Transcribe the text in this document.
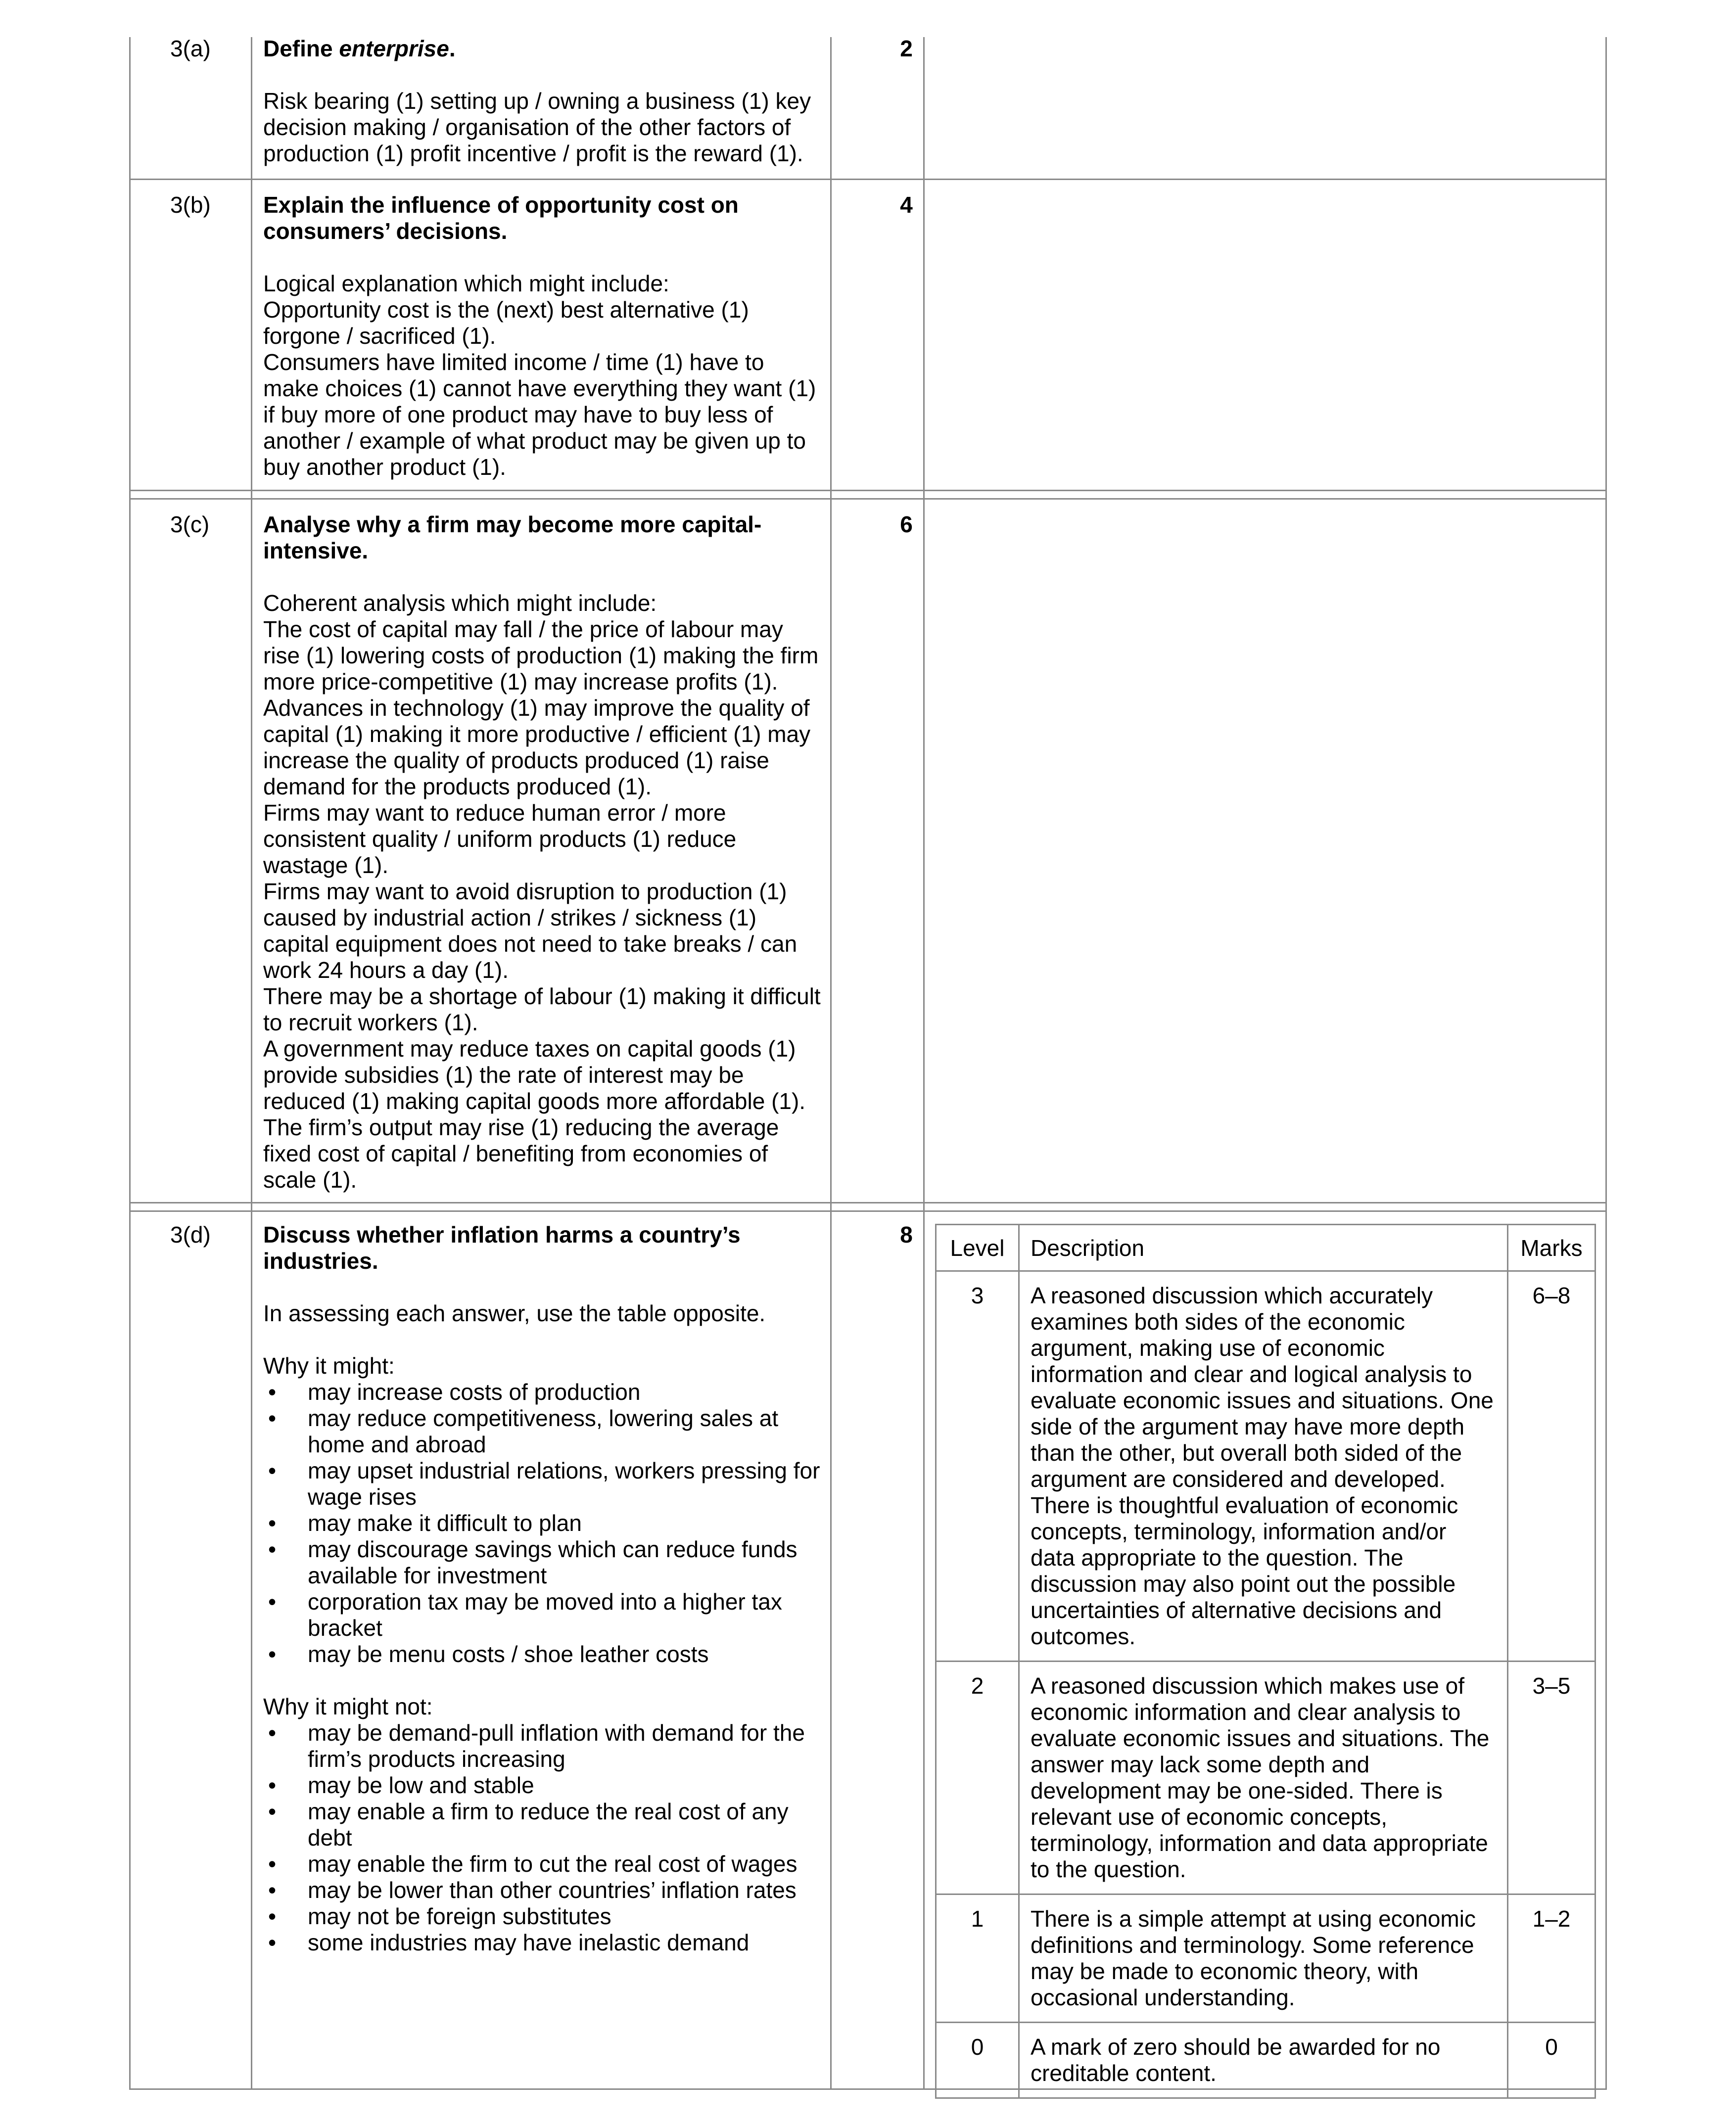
3(a)	2

Define enterprise.

Risk bearing (1) setting up / owning a business (1) key decision making / organisation of the other factors of production (1) profit incentive / profit is the reward (1).

3(b)	4

Explain the influence of opportunity cost on consumers’ decisions.

Logical explanation which might include:

Opportunity cost is the (next) best alternative (1) forgone / sacrificed (1).

Consumers have limited income / time (1) have to make choices (1) cannot have everything they want (1) if buy more of one product may have to buy less of another / example of what product may be given up to buy another product (1).

3(c)	6

Analyse why a firm may become more capital-intensive.

Coherent analysis which might include:

The cost of capital may fall / the price of labour may rise (1) lowering costs of production (1) making the firm more price-competitive (1) may increase profits (1).

Advances in technology (1) may improve the quality of capital (1) making it more productive / efficient (1) may increase the quality of products produced (1) raise demand for the products produced (1).

Firms may want to reduce human error / more consistent quality / uniform products (1) reduce wastage (1).

Firms may want to avoid disruption to production (1) caused by industrial action / strikes / sickness (1) capital equipment does not need to take breaks / can work 24 hours a day (1).

There may be a shortage of labour (1) making it difficult to recruit workers (1).

A government may reduce taxes on capital goods (1) provide subsidies (1) the rate of interest may be reduced (1) making capital goods more affordable (1).

The firm’s output may rise (1) reducing the average fixed cost of capital / benefiting from economies of scale (1).

3(d)	8

Discuss whether inflation harms a country’s industries.

In assessing each answer, use the table opposite.

Why it might:

•	may increase costs of production
•	may reduce competitiveness, lowering sales at home and abroad
•	may upset industrial relations, workers pressing for wage rises
•	may make it difficult to plan
•	may discourage savings which can reduce funds available for investment
•	corporation tax may be moved into a higher tax bracket
•	may be menu costs / shoe leather costs

Why it might not:

•	may be demand-pull inflation with demand for the firm’s products increasing
•	may be low and stable
•	may enable a firm to reduce the real cost of any debt
•	may enable the firm to cut the real cost of wages
•	may be lower than other countries’ inflation rates
•	may not be foreign substitutes
•	some industries may have inelastic demand
Level	Description	Marks
3	A reasoned discussion which accurately examines both sides of the economic argument, making use of economic information and clear and logical analysis to evaluate economic issues and situations. One side of the argument may have more depth than the other, but overall both sided of the argument are considered and developed. There is thoughtful evaluation of economic concepts, terminology, information and/or data appropriate to the question. The discussion may also point out the possible uncertainties of alternative decisions and outcomes.	6–8
2	A reasoned discussion which makes use of economic information and clear analysis to evaluate economic issues and situations. The answer may lack some depth and development may be one-sided. There is relevant use of economic concepts, terminology, information and data appropriate to the question.	3–5
1	There is a simple attempt at using economic definitions and terminology. Some reference may be made to economic theory, with occasional understanding.	1–2
0	A mark of zero should be awarded for no creditable content.	0
